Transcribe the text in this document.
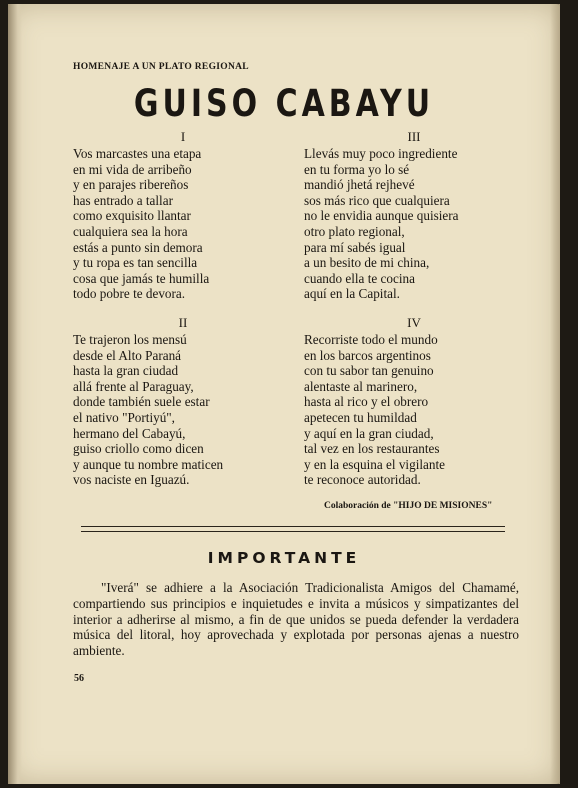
HOMENAJE A UN PLATO REGIONAL
GUISO CABAYU
I
Vos marcastes una etapa
en mi vida de arribeño
y en parajes ribereños
has entrado a tallar
como exquisito llantar
cualquiera sea la hora
estás a punto sin demora
y tu ropa es tan sencilla
cosa que jamás te humilla
todo pobre te devora.
III
Llevás muy poco ingrediente
en tu forma yo lo sé
mandió jhetá rejhevé
sos más rico que cualquiera
no le envidia aunque quisiera
otro plato regional,
para mí sabés igual
a un besito de mi china,
cuando ella te cocina
aquí en la Capital.
II
Te trajeron los mensú
desde el Alto Paraná
hasta la gran ciudad
allá frente al Paraguay,
donde también suele estar
el nativo "Portiyú",
hermano del Cabayú,
guiso criollo como dicen
y aunque tu nombre maticen
vos naciste en Iguazú.
IV
Recorriste todo el mundo
en los barcos argentinos
con tu sabor tan genuino
alentaste al marinero,
hasta al rico y el obrero
apetecen tu humildad
y aquí en la gran ciudad,
tal vez en los restaurantes
y en la esquina el vigilante
te reconoce autoridad.
Colaboración de "HIJO DE MISIONES"
IMPORTANTE

"Iverá" se adhiere a la Asociación Tradicionalista Amigos del Chamamé, compartiendo sus principios e inquietudes e invita a músicos y simpatizantes del interior a adherirse al mismo, a fin de que unidos se pueda defender la verdadera música del litoral, hoy aprovechada y explotada por personas ajenas a nuestro ambiente.

56
